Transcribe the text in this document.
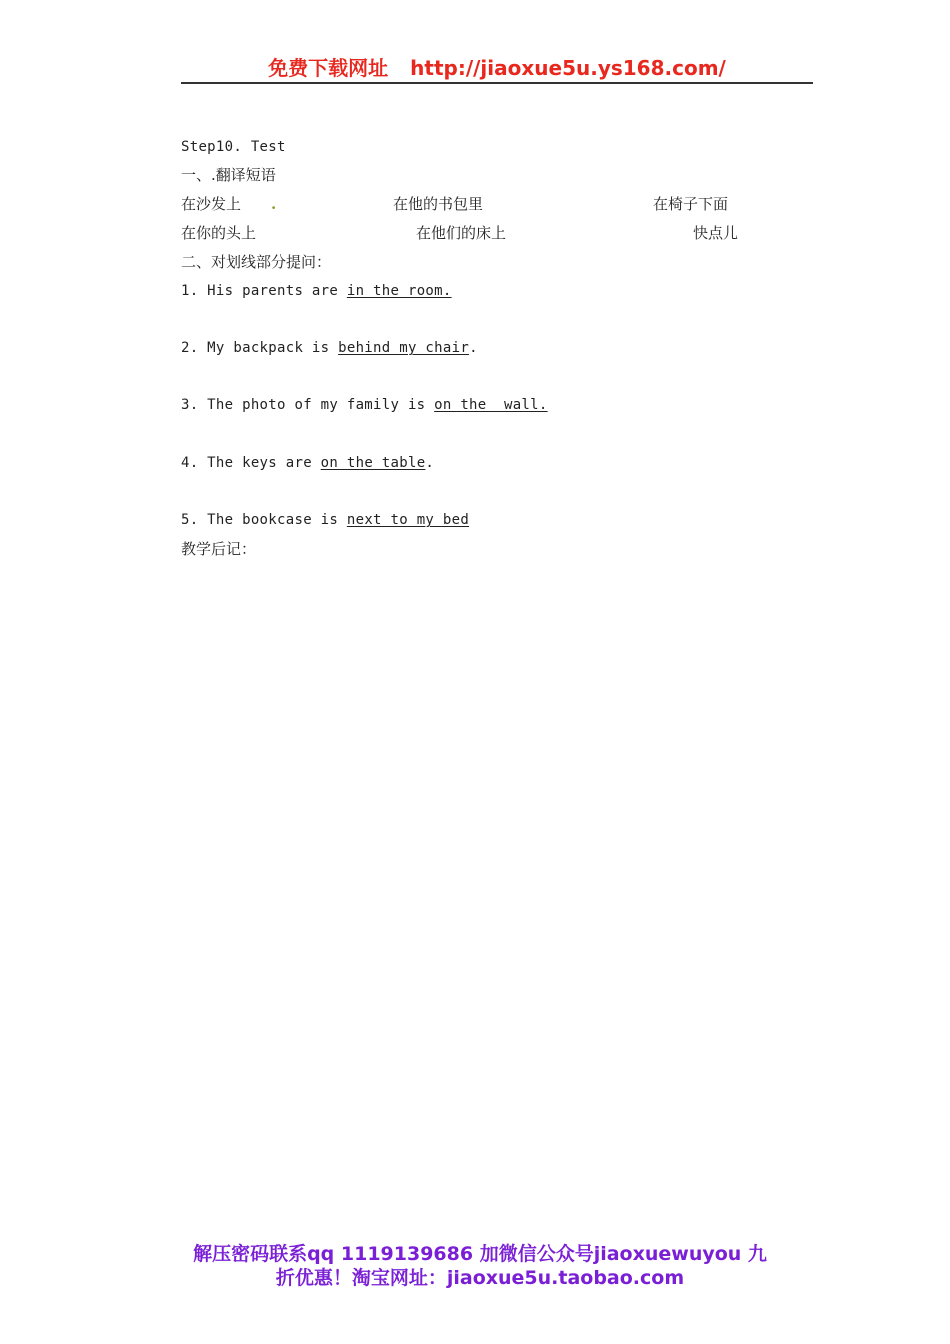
免费下载网址 http://jiaoxue5u.ys168.com/
Step10. Test
一、.翻译短语
在沙发上 .	在他的书包里	在椅子下面
在你的头上	在他们的床上	快点儿
二、对划线部分提问：
1. His parents are in the room.
2. My backpack is behind my chair.
3. The photo of my family is on the  wall.
4. The keys are on the table.
5. The bookcase is next to my bed
教学后记：
解压密码联系qq 1119139686 加微信公众号jiaoxuewuyou 九
折优惠！淘宝网址：jiaoxue5u.taobao.com
